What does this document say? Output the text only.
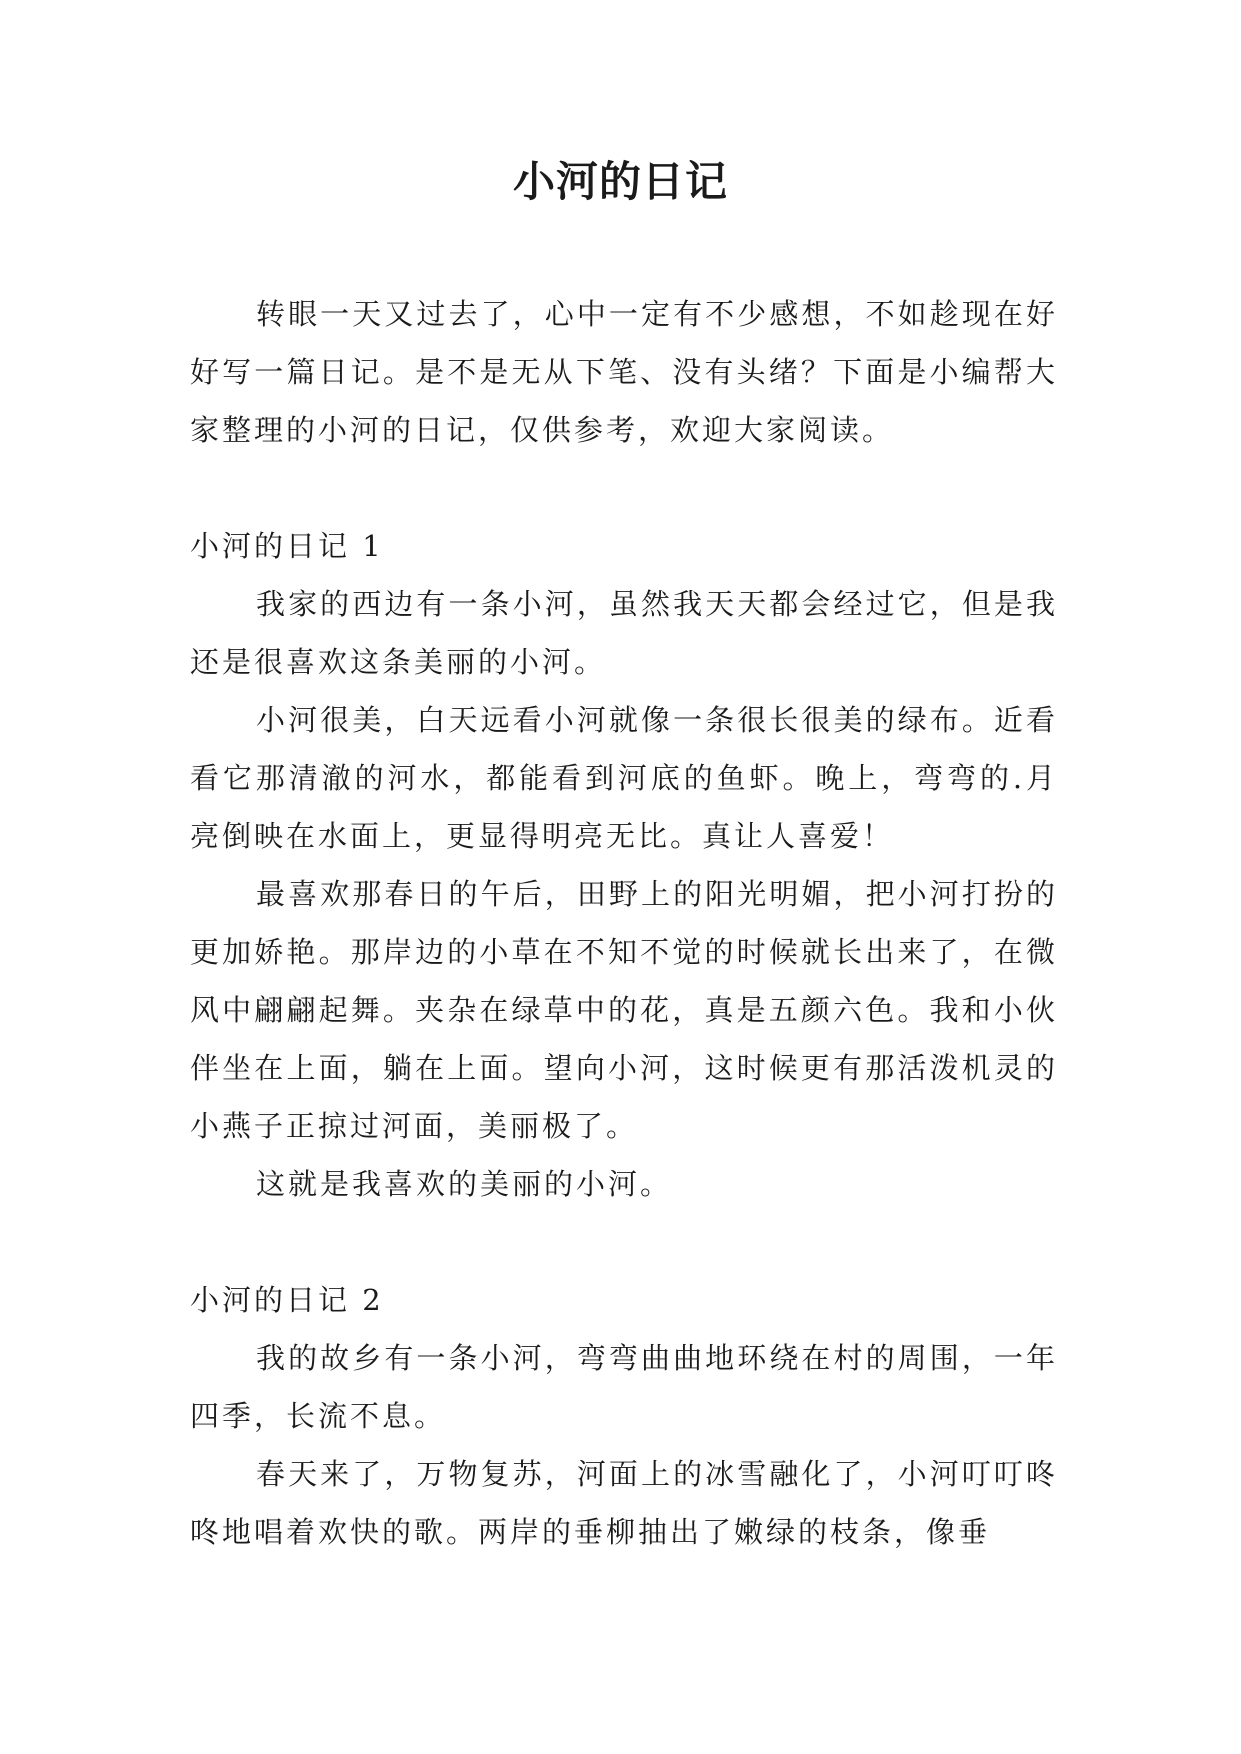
小河的日记

转眼一天又过去了，心中一定有不少感想，不如趁现在好好写一篇日记。是不是无从下笔、没有头绪？下面是小编帮大家整理的小河的日记，仅供参考，欢迎大家阅读。

小河的日记 1

我家的西边有一条小河，虽然我天天都会经过它，但是我还是很喜欢这条美丽的小河。

小河很美，白天远看小河就像一条很长很美的绿布。近看看它那清澈的河水，都能看到河底的鱼虾。晚上，弯弯的.月亮倒映在水面上，更显得明亮无比。真让人喜爱！

最喜欢那春日的午后，田野上的阳光明媚，把小河打扮的更加娇艳。那岸边的小草在不知不觉的时候就长出来了，在微风中翩翩起舞。夹杂在绿草中的花，真是五颜六色。我和小伙伴坐在上面，躺在上面。望向小河，这时候更有那活泼机灵的小燕子正掠过河面，美丽极了。

这就是我喜欢的美丽的小河。

小河的日记 2

我的故乡有一条小河，弯弯曲曲地环绕在村的周围，一年四季，长流不息。

春天来了，万物复苏，河面上的冰雪融化了，小河叮叮咚咚地唱着欢快的歌。两岸的垂柳抽出了嫩绿的枝条，像垂
